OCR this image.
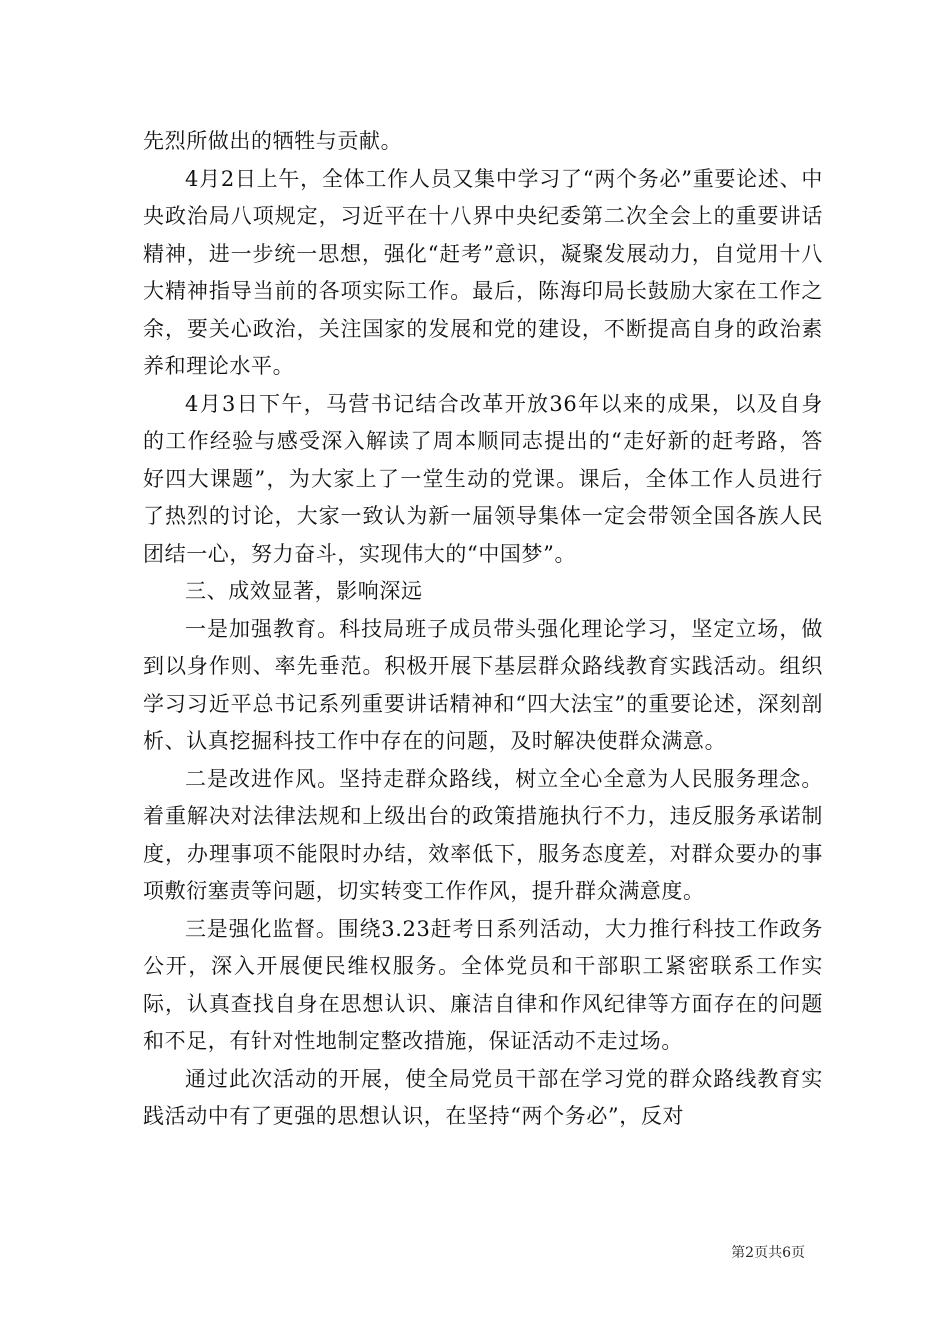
先烈所做出的牺牲与贡献。

4月2日上午，全体工作人员又集中学习了“两个务必”重要论述、中央政治局八项规定，习近平在十八界中央纪委第二次全会上的重要讲话精神，进一步统一思想，强化“赶考”意识，凝聚发展动力，自觉用十八大精神指导当前的各项实际工作。最后，陈海印局长鼓励大家在工作之余，要关心政治，关注国家的发展和党的建设，不断提高自身的政治素养和理论水平。

4月3日下午，马营书记结合改革开放36年以来的成果，以及自身的工作经验与感受深入解读了周本顺同志提出的“走好新的赶考路，答好四大课题”，为大家上了一堂生动的党课。课后，全体工作人员进行了热烈的讨论，大家一致认为新一届领导集体一定会带领全国各族人民团结一心，努力奋斗，实现伟大的“中国梦”。

三、成效显著，影响深远

一是加强教育。科技局班子成员带头强化理论学习，坚定立场，做到以身作则、率先垂范。积极开展下基层群众路线教育实践活动。组织学习习近平总书记系列重要讲话精神和“四大法宝”的重要论述，深刻剖析、认真挖掘科技工作中存在的问题，及时解决使群众满意。

二是改进作风。坚持走群众路线，树立全心全意为人民服务理念。着重解决对法律法规和上级出台的政策措施执行不力，违反服务承诺制度，办理事项不能限时办结，效率低下，服务态度差，对群众要办的事项敷衍塞责等问题，切实转变工作作风，提升群众满意度。

三是强化监督。围绕3.23赶考日系列活动，大力推行科技工作政务公开，深入开展便民维权服务。全体党员和干部职工紧密联系工作实际，认真查找自身在思想认识、廉洁自律和作风纪律等方面存在的问题和不足，有针对性地制定整改措施，保证活动不走过场。

通过此次活动的开展，使全局党员干部在学习党的群众路线教育实践活动中有了更强的思想认识，在坚持“两个务必”，反对

第2页共6页
